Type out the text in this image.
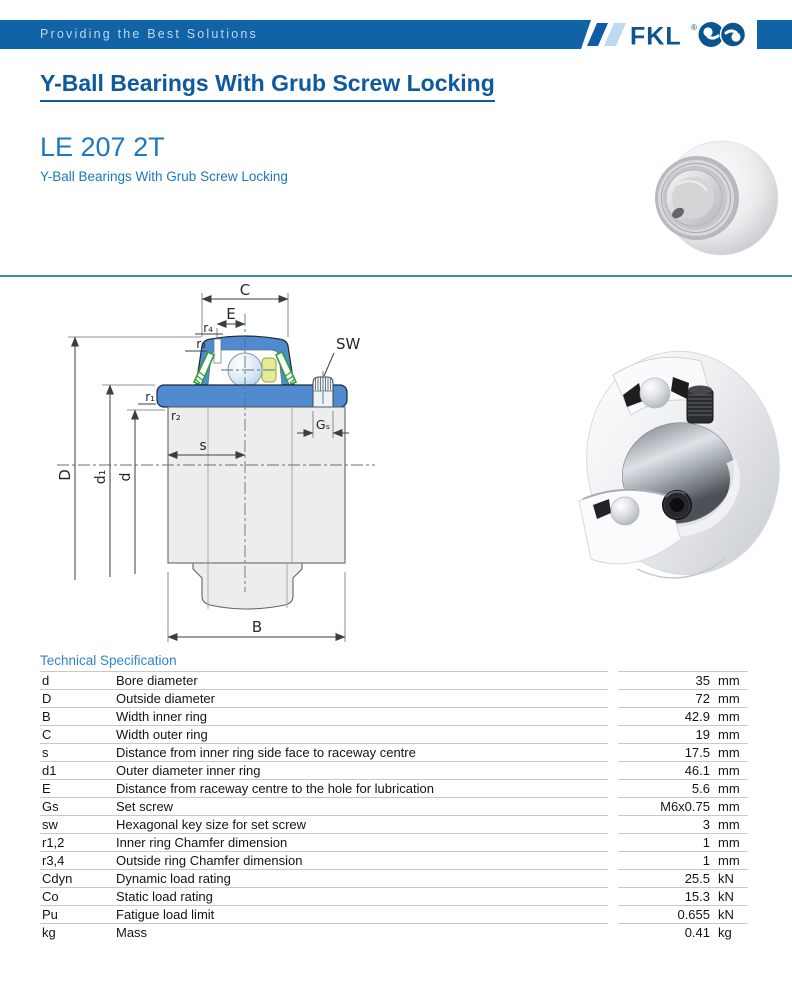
Providing the Best Solutions	FKL ®
Y-Ball Bearings With Grub Screw Locking
LE 207 2T
Y-Ball Bearings With Grub Screw Locking
C
E
r₄
r₃
D d₁ d
r₁
r₂
s
SW
Gₛ
B
Technical Specification
d	Bore diameter		35	mm
D	Outside diameter		72	mm
B	Width inner ring		42.9	mm
C	Width outer ring		19	mm
s	Distance from inner ring side face to raceway centre		17.5	mm
d1	Outer diameter inner ring		46.1	mm
E	Distance from raceway centre to the hole for lubrication		5.6	mm
Gs	Set screw		M6x0.75	mm
sw	Hexagonal key size for set screw		3	mm
r1,2	Inner ring Chamfer dimension		1	mm
r3,4	Outside ring Chamfer dimension		1	mm
Cdyn	Dynamic load rating		25.5	kN
Co	Static load rating		15.3	kN
Pu	Fatigue load limit		0.655	kN
kg	Mass		0.41	kg
